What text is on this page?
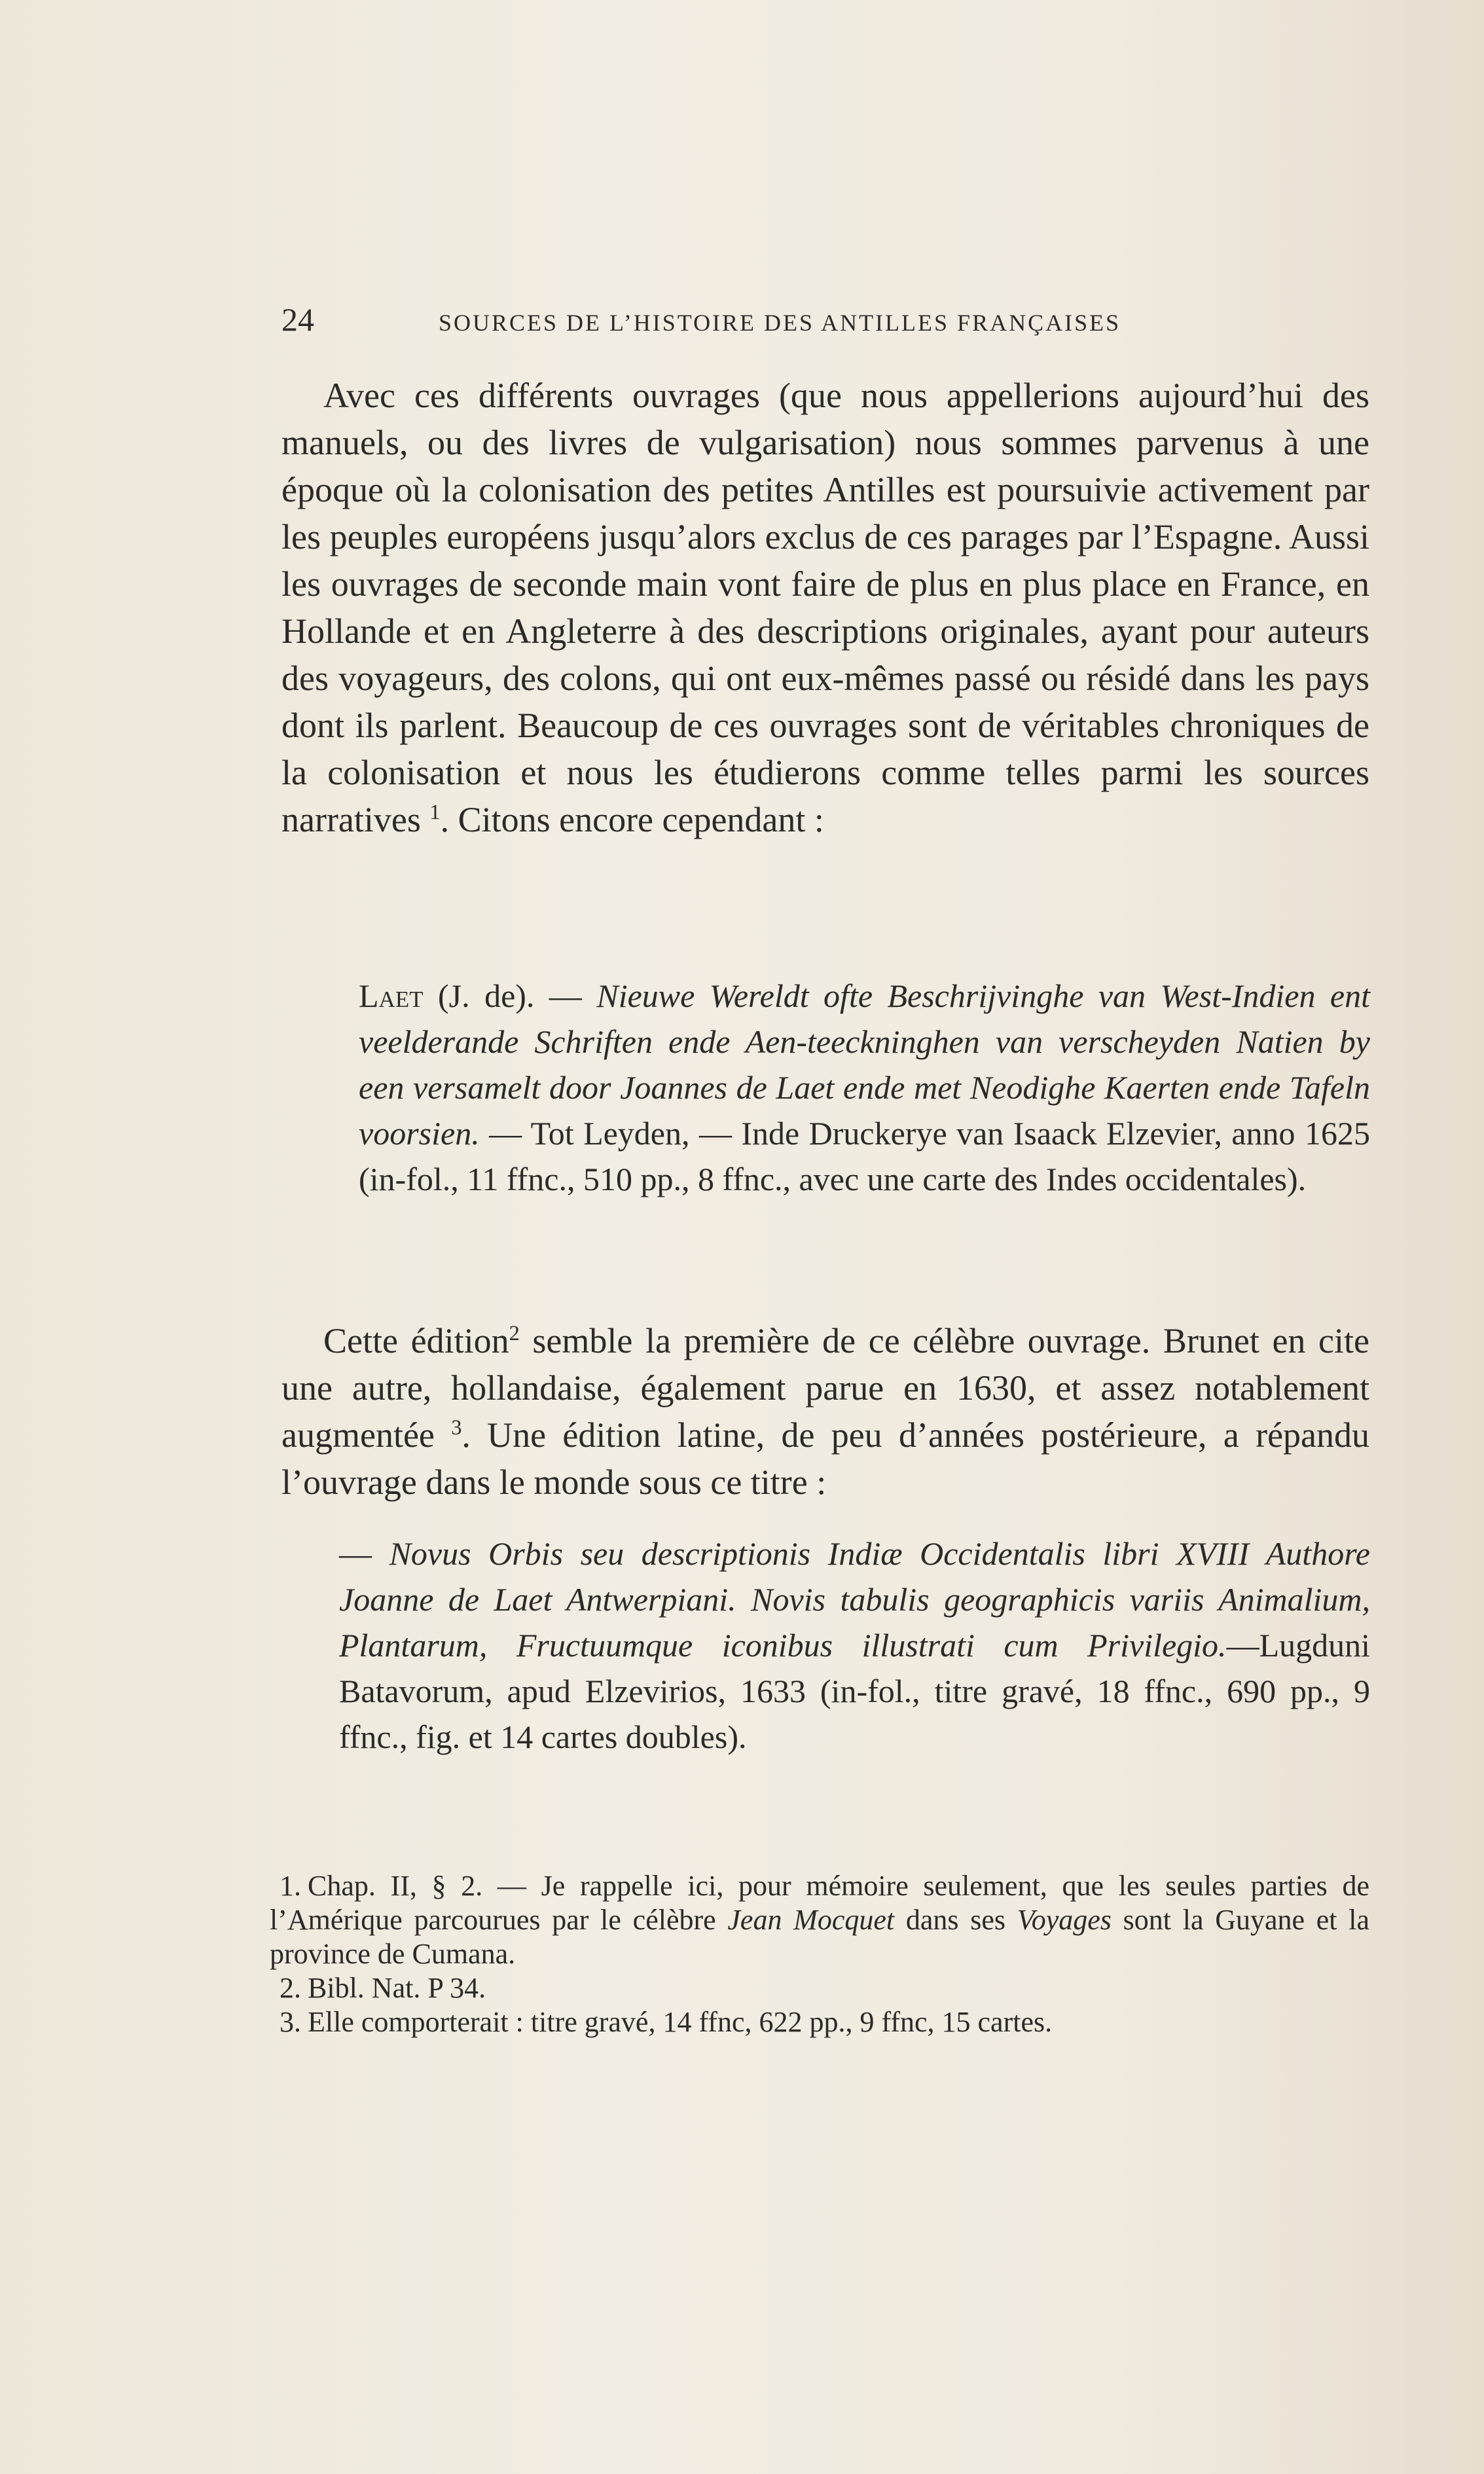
24	SOURCES DE L’HISTOIRE DES ANTILLES FRANÇAISES

Avec ces différents ouvrages (que nous appellerions aujourd’hui des manuels, ou des livres de vulgarisation) nous sommes parvenus à une époque où la colonisation des petites Antilles est poursuivie activement par les peuples européens jusqu’alors exclus de ces parages par l’Espagne. Aussi les ouvrages de seconde main vont faire de plus en plus place en France, en Hollande et en Angleterre à des descriptions originales, ayant pour auteurs des voyageurs, des colons, qui ont eux-mêmes passé ou résidé dans les pays dont ils parlent. Beaucoup de ces ouvrages sont de véritables chroniques de la colonisation et nous les étudierons comme telles parmi les sources narratives $^1$. Citons encore cependant :

Laet (J. de). — Nieuwe Wereldt ofte Beschrijvinghe van West-Indien ent veelderande Schriften ende Aen-teeckninghen van verscheyden Natien by een versamelt door Joannes de Laet ende met Neodighe Kaerten ende Tafeln voorsien. — Tot Leyden, — Inde Druckerye van Isaack Elzevier, anno 1625 (in-fol., 11 ffnc., 510 pp., 8 ffnc., avec une carte des Indes occidentales).

Cette édition$^2$ semble la première de ce célèbre ouvrage. Brunet en cite une autre, hollandaise, également parue en 1630, et assez notablement augmentée $^3$. Une édition latine, de peu d’années postérieure, a répandu l’ouvrage dans le monde sous ce titre :

— Novus Orbis seu descriptionis Indiæ Occidentalis libri XVIII Authore Joanne de Laet Antwerpiani. Novis tabulis geographicis variis Animalium, Plantarum, Fructuumque iconibus illustrati cum Privilegio.—Lugduni Batavorum, apud Elzevirios, 1633 (in-fol., titre gravé, 18 ffnc., 690 pp., 9 ffnc., fig. et 14 cartes doubles).

1. Chap. II, § 2. — Je rappelle ici, pour mémoire seulement, que les seules parties de l’Amérique parcourues par le célèbre Jean Mocquet dans ses Voyages sont la Guyane et la province de Cumana.

2. Bibl. Nat. P 34.

3. Elle comporterait : titre gravé, 14 ffnc, 622 pp., 9 ffnc, 15 cartes.
